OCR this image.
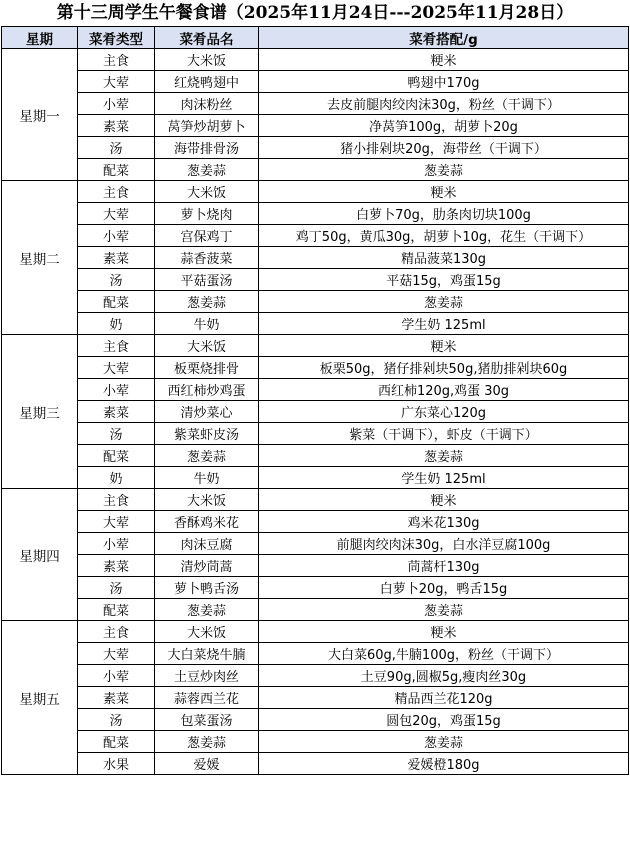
第十三周学生午餐食谱（2025年11月24日---2025年11月28日）
星期	菜肴类型	菜肴品名	菜肴搭配/g
星期一	主食	大米饭	粳米
	大荤	红烧鸭翅中	鸭翅中170g
	小荤	肉沫粉丝	去皮前腿肉绞肉沫30g，粉丝（干调下）
	素菜	莴笋炒胡萝卜	净莴笋100g，胡萝卜20g
	汤	海带排骨汤	猪小排剁块20g，海带丝（干调下）
	配菜	葱姜蒜	葱姜蒜
星期二	主食	大米饭	粳米
	大荤	萝卜烧肉	白萝卜70g，肋条肉切块100g
	小荤	宫保鸡丁	鸡丁50g，黄瓜30g，胡萝卜10g，花生（干调下）
	素菜	蒜香菠菜	精品菠菜130g
	汤	平菇蛋汤	平菇15g，鸡蛋15g
	配菜	葱姜蒜	葱姜蒜
	奶	牛奶	学生奶 125ml
星期三	主食	大米饭	粳米
	大荤	板栗烧排骨	板栗50g，猪仔排剁块50g,猪肋排剁块60g
	小荤	西红柿炒鸡蛋	西红柿120g,鸡蛋 30g
	素菜	清炒菜心	广东菜心120g
	汤	紫菜虾皮汤	紫菜（干调下），虾皮（干调下）
	配菜	葱姜蒜	葱姜蒜
	奶	牛奶	学生奶 125ml
星期四	主食	大米饭	粳米
	大荤	香酥鸡米花	鸡米花130g
	小荤	肉沫豆腐	前腿肉绞肉沫30g，白水洋豆腐100g
	素菜	清炒茼蒿	茼蒿杆130g
	汤	萝卜鸭舌汤	白萝卜20g，鸭舌15g
	配菜	葱姜蒜	葱姜蒜
星期五	主食	大米饭	粳米
	大荤	大白菜烧牛腩	大白菜60g,牛腩100g，粉丝（干调下）
	小荤	土豆炒肉丝	土豆90g,圆椒5g,瘦肉丝30g
	素菜	蒜蓉西兰花	精品西兰花120g
	汤	包菜蛋汤	圆包20g，鸡蛋15g
	配菜	葱姜蒜	葱姜蒜
	水果	爱媛	爱媛橙180g
